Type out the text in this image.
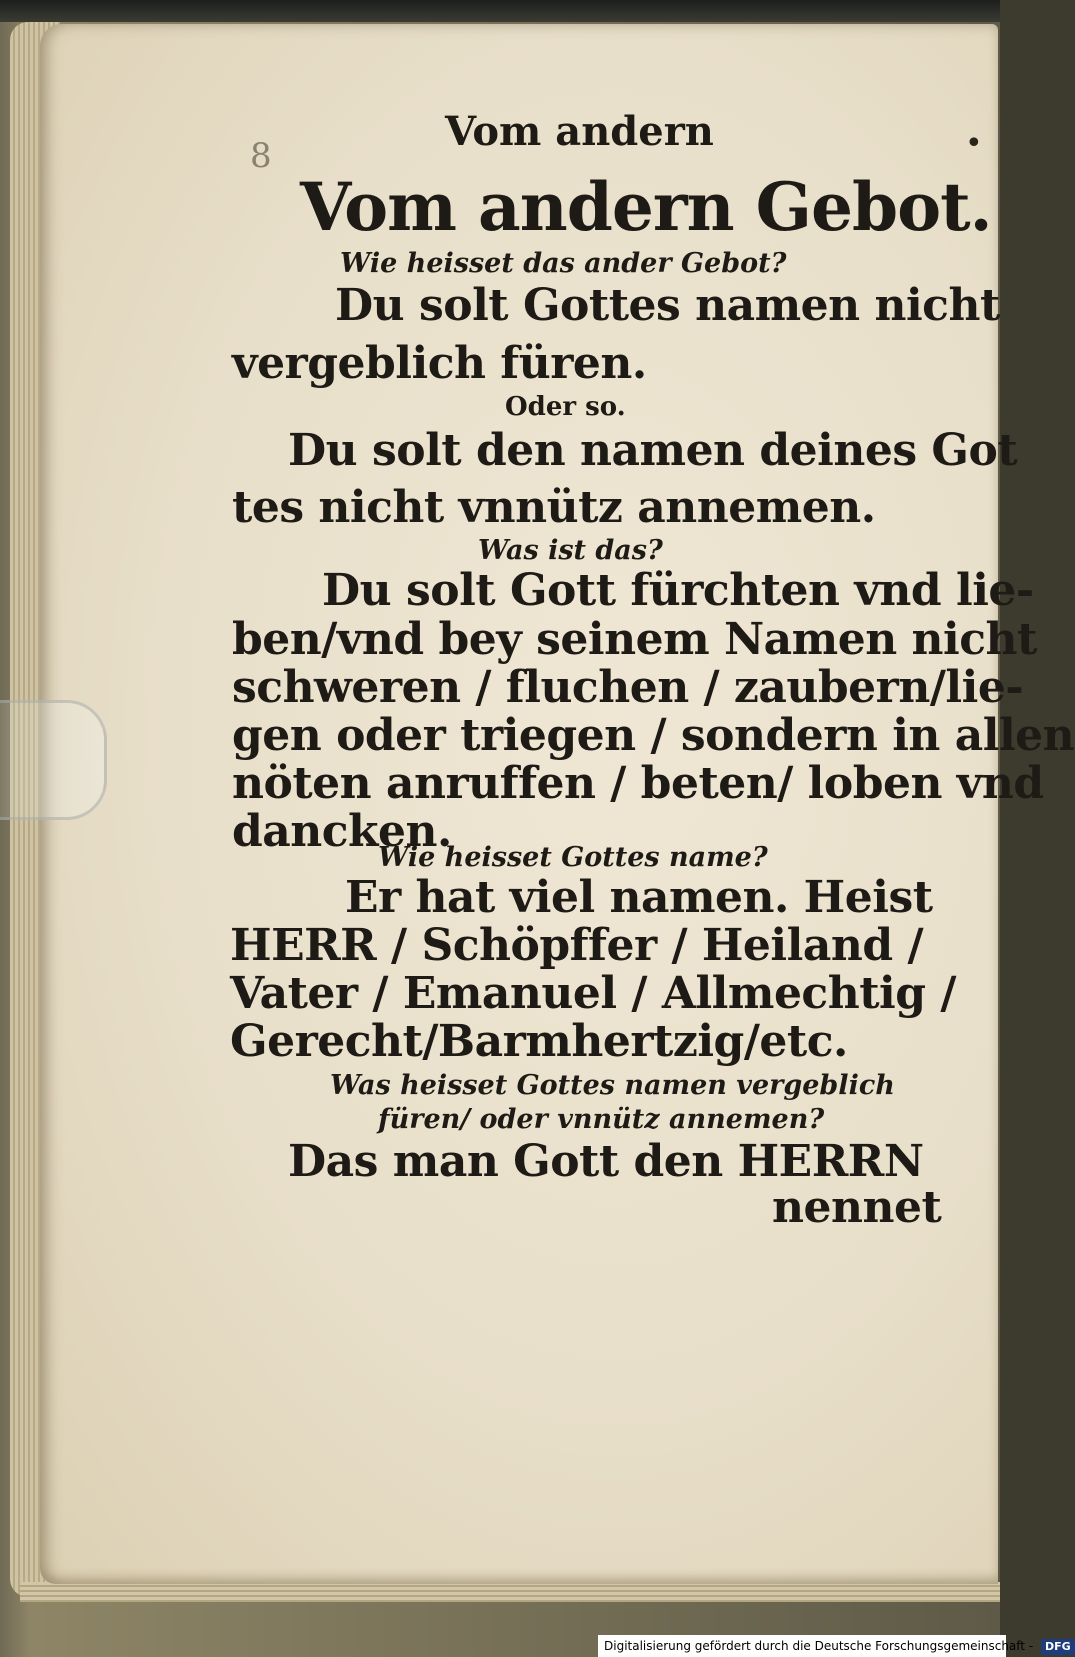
8	•
Vom andern
Vom andern Gebot.
Wie heisset das ander Gebot?
Du solt Gottes namen nicht
vergeblich füren.
Oder so.
Du solt den namen deines Got
tes nicht vnnütz annemen.
Was ist das?
Du solt Gott fürchten vnd lie-
ben/vnd bey seinem Namen nicht
schweren / fluchen / zaubern/lie-
gen oder triegen / sondern in allen
nöten anruffen / beten/ loben vnd
dancken.
Wie heisset Gottes name?
Er hat viel namen. Heist
HERR / Schöpffer / Heiland /
Vater / Emanuel / Allmechtig /
Gerecht/Barmhertzig/etc.
Was heisset Gottes namen vergeblich
füren/ oder vnnütz annemen?
Das man Gott den HERRN
nennet
Digitalisierung gefördert durch die Deutsche Forschungsgemeinschaft - DFG
